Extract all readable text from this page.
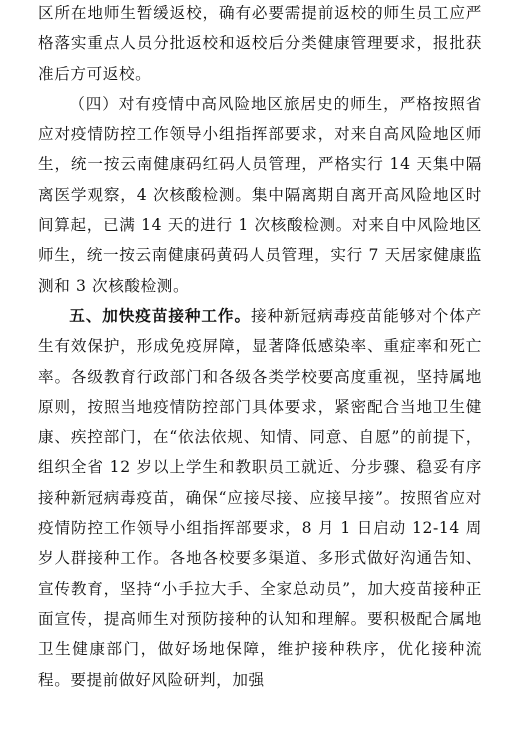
区所在地师生暂缓返校，确有必要需提前返校的师生员工应严格落实重点人员分批返校和返校后分类健康管理要求，报批获准后方可返校。

（四）对有疫情中高风险地区旅居史的师生，严格按照省应对疫情防控工作领导小组指挥部要求，对来自高风险地区师生，统一按云南健康码红码人员管理，严格实行 14 天集中隔离医学观察，4 次核酸检测。集中隔离期自离开高风险地区时间算起，已满 14 天的进行 1 次核酸检测。对来自中风险地区师生，统一按云南健康码黄码人员管理，实行 7 天居家健康监测和 3 次核酸检测。

五、加快疫苗接种工作。接种新冠病毒疫苗能够对个体产生有效保护，形成免疫屏障，显著降低感染率、重症率和死亡率。各级教育行政部门和各级各类学校要高度重视，坚持属地原则，按照当地疫情防控部门具体要求，紧密配合当地卫生健康、疾控部门，在“依法依规、知情、同意、自愿”的前提下，组织全省 12 岁以上学生和教职员工就近、分步骤、稳妥有序接种新冠病毒疫苗，确保“应接尽接、应接早接”。按照省应对疫情防控工作领导小组指挥部要求，8 月 1 日启动 12-14 周岁人群接种工作。各地各校要多渠道、多形式做好沟通告知、宣传教育，坚持“小手拉大手、全家总动员”，加大疫苗接种正面宣传，提高师生对预防接种的认知和理解。要积极配合属地卫生健康部门，做好场地保障，维护接种秩序，优化接种流程。要提前做好风险研判，加强
